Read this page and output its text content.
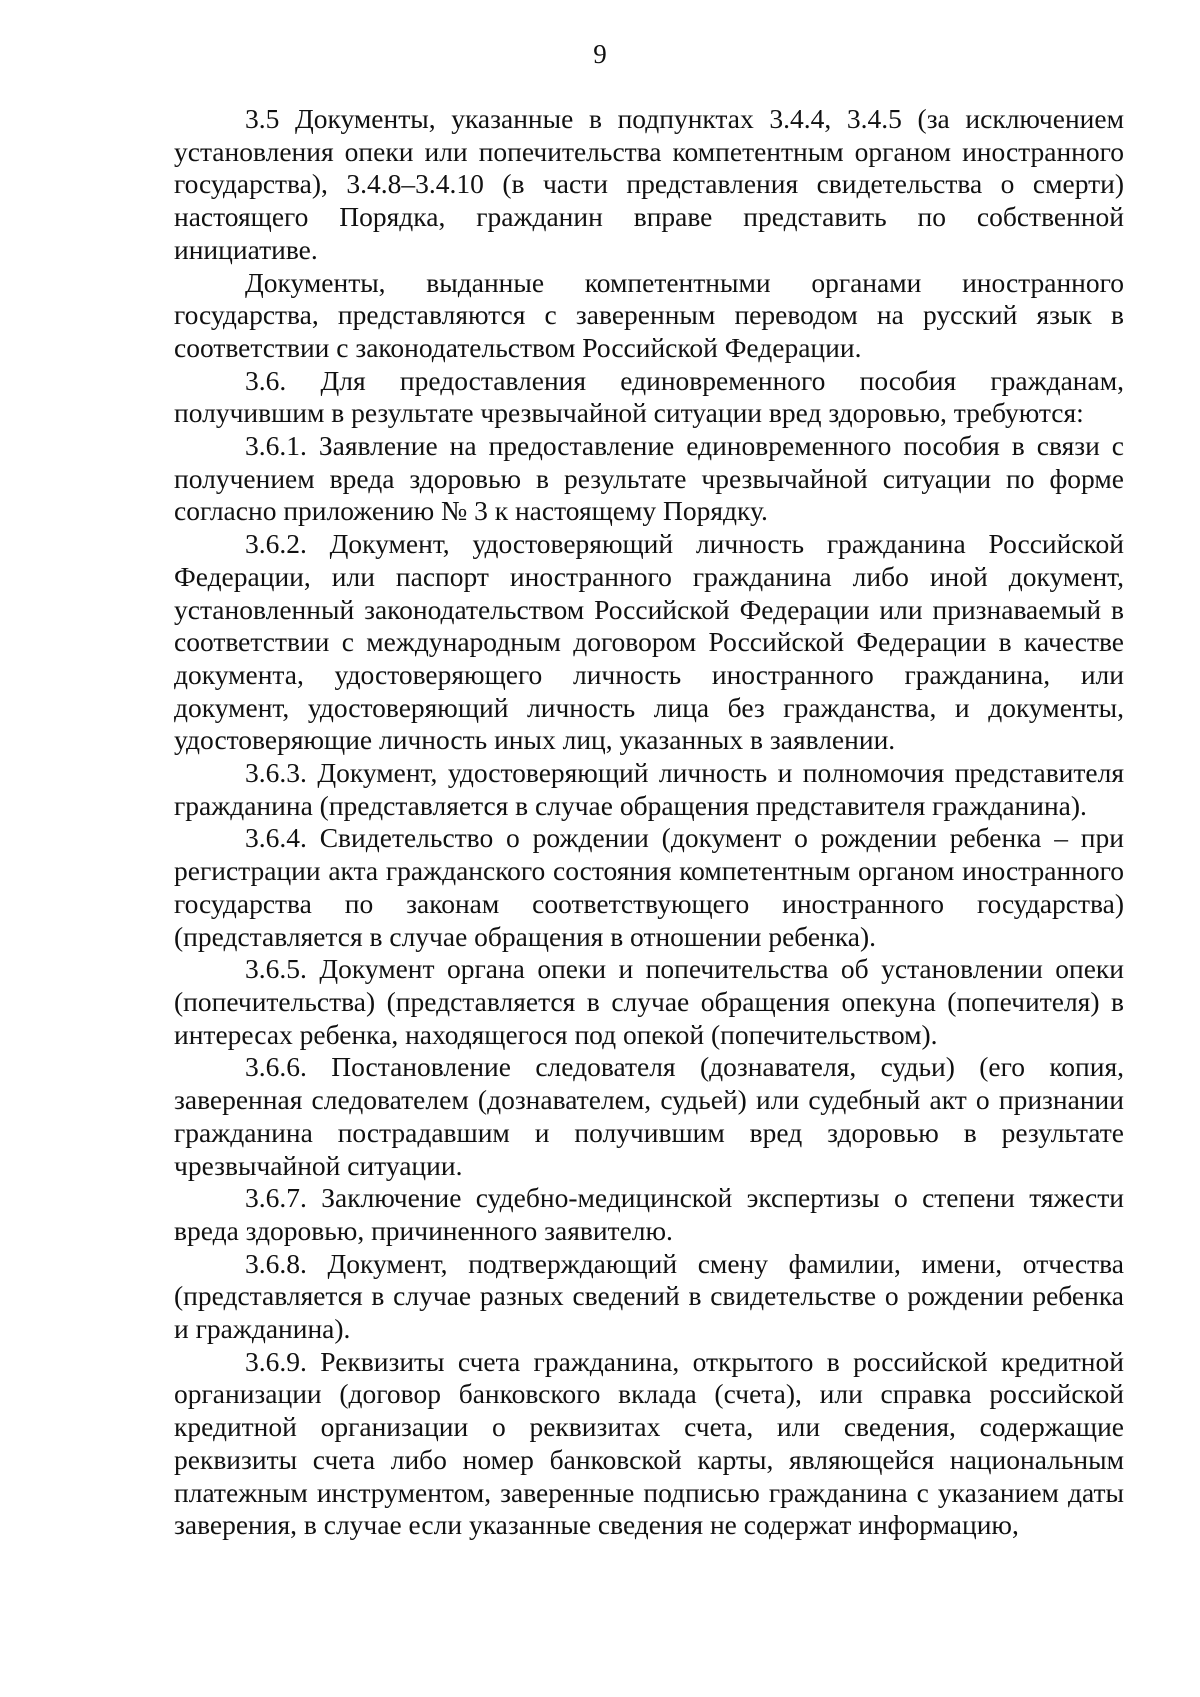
9

3.5 Документы, указанные в подпунктах 3.4.4, 3.4.5 (за исключением установления опеки или попечительства компетентным органом иностранного государства), 3.4.8–3.4.10 (в части представления свидетельства о смерти) настоящего Порядка, гражданин вправе представить по собственной инициативе.

Документы, выданные компетентными органами иностранного государства, представляются с заверенным переводом на русский язык в соответствии с законодательством Российской Федерации.

3.6. Для предоставления единовременного пособия гражданам, получившим в результате чрезвычайной ситуации вред здоровью, требуются:

3.6.1. Заявление на предоставление единовременного пособия в связи с получением вреда здоровью в результате чрезвычайной ситуации по форме согласно приложению № 3 к настоящему Порядку.

3.6.2. Документ, удостоверяющий личность гражданина Российской Федерации, или паспорт иностранного гражданина либо иной документ, установленный законодательством Российской Федерации или признаваемый в соответствии с международным договором Российской Федерации в качестве документа, удостоверяющего личность иностранного гражданина, или документ, удостоверяющий личность лица без гражданства, и документы, удостоверяющие личность иных лиц, указанных в заявлении.

3.6.3. Документ, удостоверяющий личность и полномочия представителя гражданина (представляется в случае обращения представителя гражданина).

3.6.4. Свидетельство о рождении (документ о рождении ребенка – при регистрации акта гражданского состояния компетентным органом иностранного государства по законам соответствующего иностранного государства) (представляется в случае обращения в отношении ребенка).

3.6.5. Документ органа опеки и попечительства об установлении опеки (попечительства) (представляется в случае обращения опекуна (попечителя) в интересах ребенка, находящегося под опекой (попечительством).

3.6.6. Постановление следователя (дознавателя, судьи) (его копия, заверенная следователем (дознавателем, судьей) или судебный акт о признании гражданина пострадавшим и получившим вред здоровью в результате чрезвычайной ситуации.

3.6.7. Заключение судебно-медицинской экспертизы о степени тяжести вреда здоровью, причиненного заявителю.

3.6.8. Документ, подтверждающий смену фамилии, имени, отчества (представляется в случае разных сведений в свидетельстве о рождении ребенка и гражданина).

3.6.9. Реквизиты счета гражданина, открытого в российской кредитной организации (договор банковского вклада (счета), или справка российской кредитной организации о реквизитах счета, или сведения, содержащие реквизиты счета либо номер банковской карты, являющейся национальным платежным инструментом, заверенные подписью гражданина с указанием даты заверения, в случае если указанные сведения не содержат информацию,
